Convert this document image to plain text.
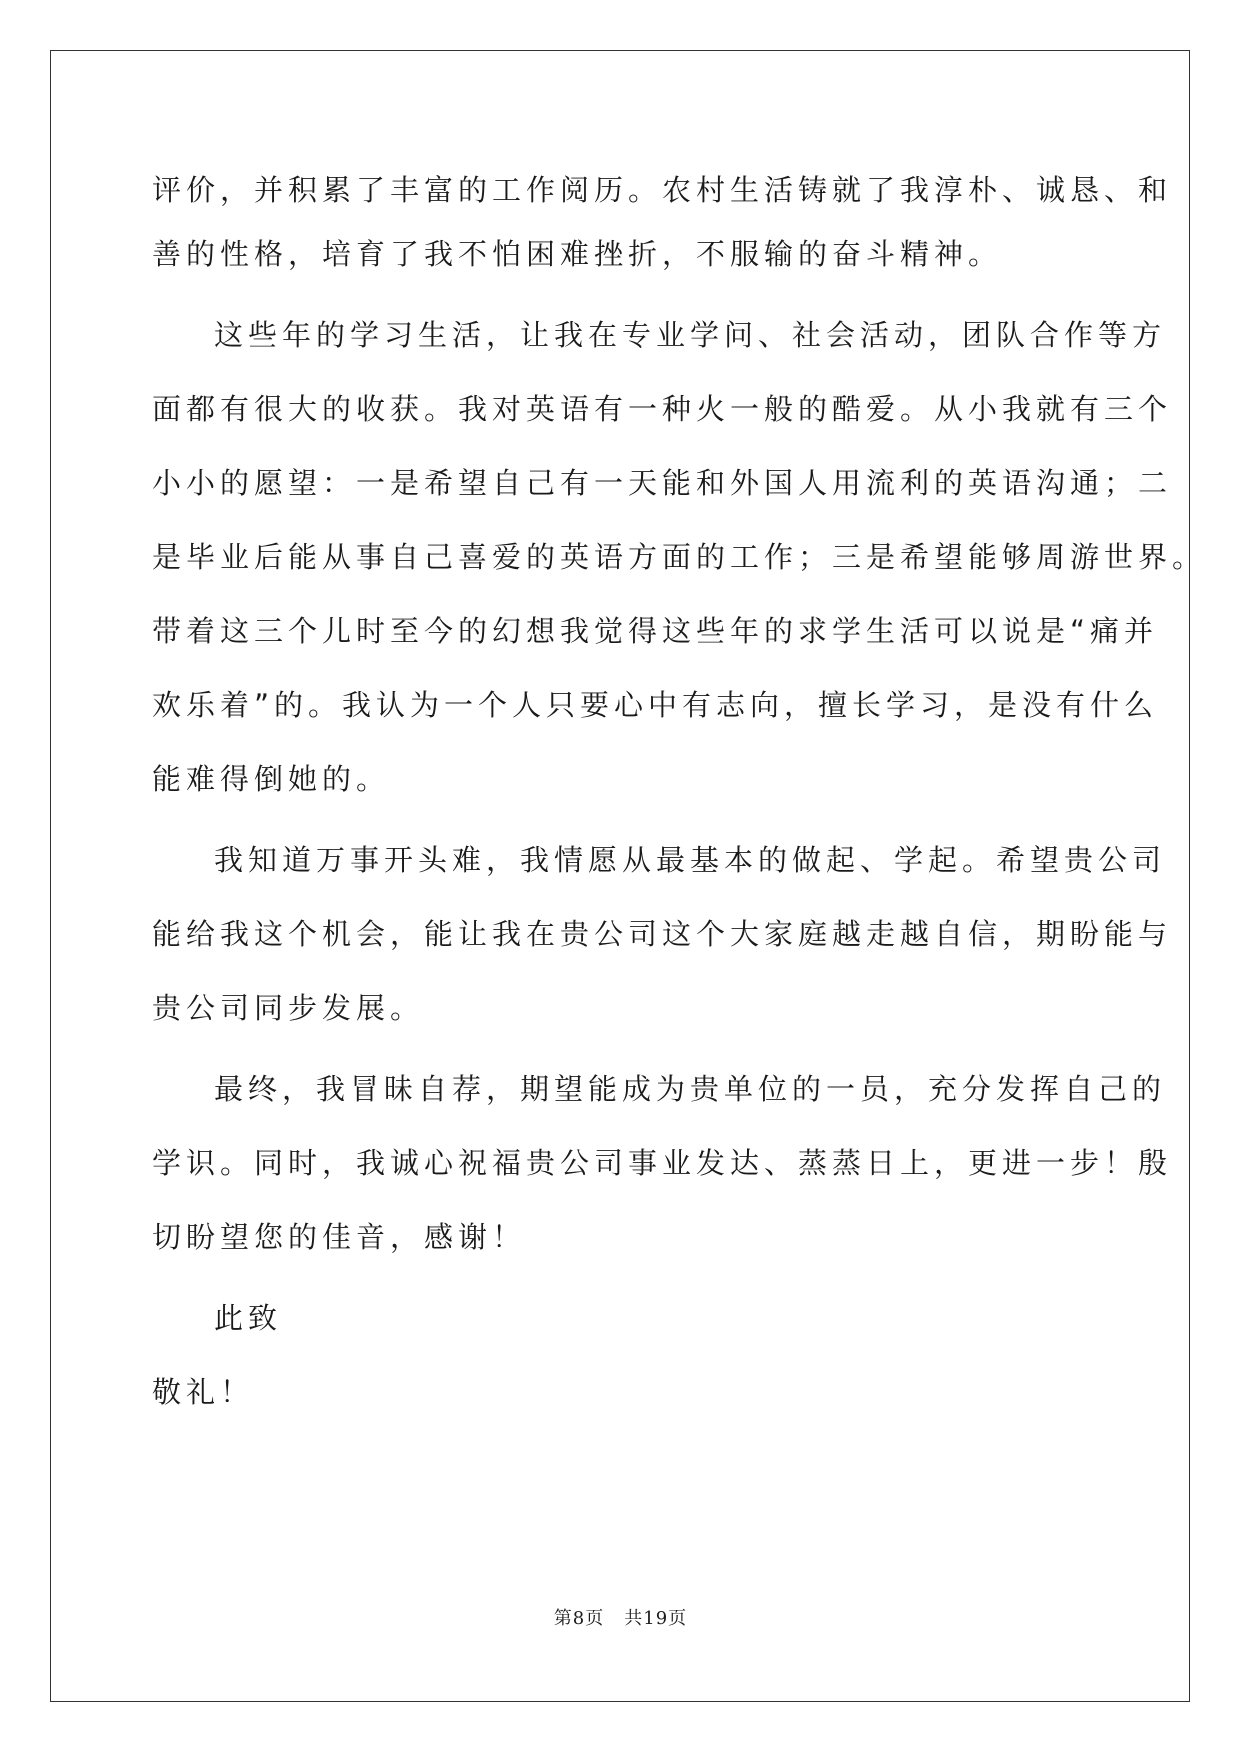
评价，并积累了丰富的工作阅历。农村生活铸就了我淳朴、诚恳、和
善的性格，培育了我不怕困难挫折，不服输的奋斗精神。
这些年的学习生活，让我在专业学问、社会活动，团队合作等方
面都有很大的收获。我对英语有一种火一般的酷爱。从小我就有三个
小小的愿望：一是希望自己有一天能和外国人用流利的英语沟通；二
是毕业后能从事自己喜爱的英语方面的工作；三是希望能够周游世界。
带着这三个儿时至今的幻想我觉得这些年的求学生活可以说是“痛并
欢乐着”的。我认为一个人只要心中有志向，擅长学习，是没有什么
能难得倒她的。
我知道万事开头难，我情愿从最基本的做起、学起。希望贵公司
能给我这个机会，能让我在贵公司这个大家庭越走越自信，期盼能与
贵公司同步发展。
最终，我冒昧自荐，期望能成为贵单位的一员，充分发挥自己的
学识。同时，我诚心祝福贵公司事业发达、蒸蒸日上，更进一步！殷
切盼望您的佳音，感谢！
此致
敬礼！
第8页 共19页
